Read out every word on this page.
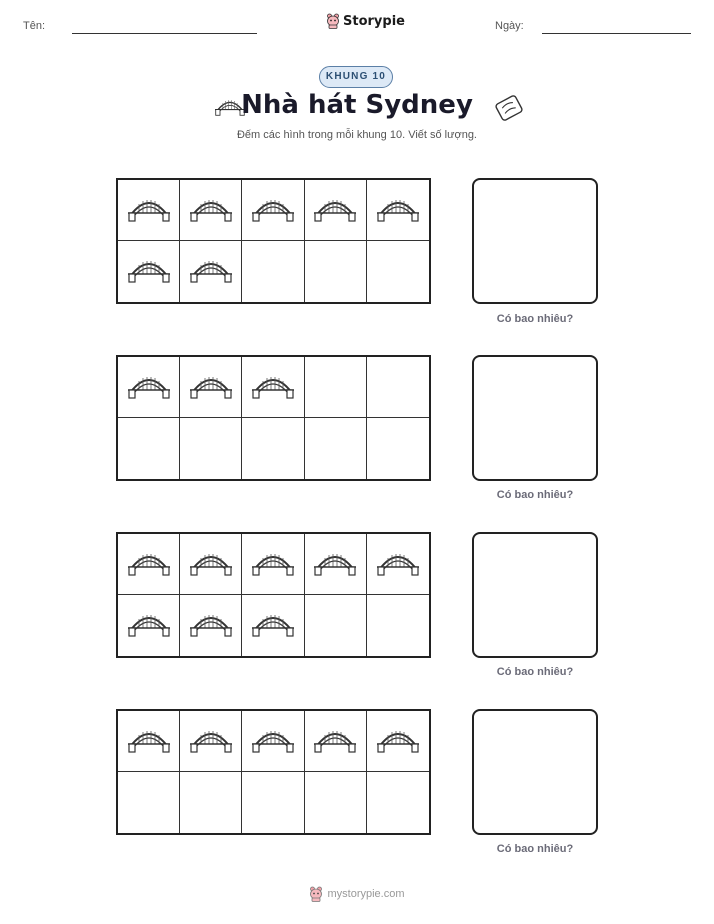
Tên:	Storypie	Ngày:
KHUNG 10
Nhà hát Sydney
Đếm các hình trong mỗi khung 10. Viết số lượng.
Có bao nhiêu?
Có bao nhiêu?
Có bao nhiêu?
Có bao nhiêu?
mystorypie.com
